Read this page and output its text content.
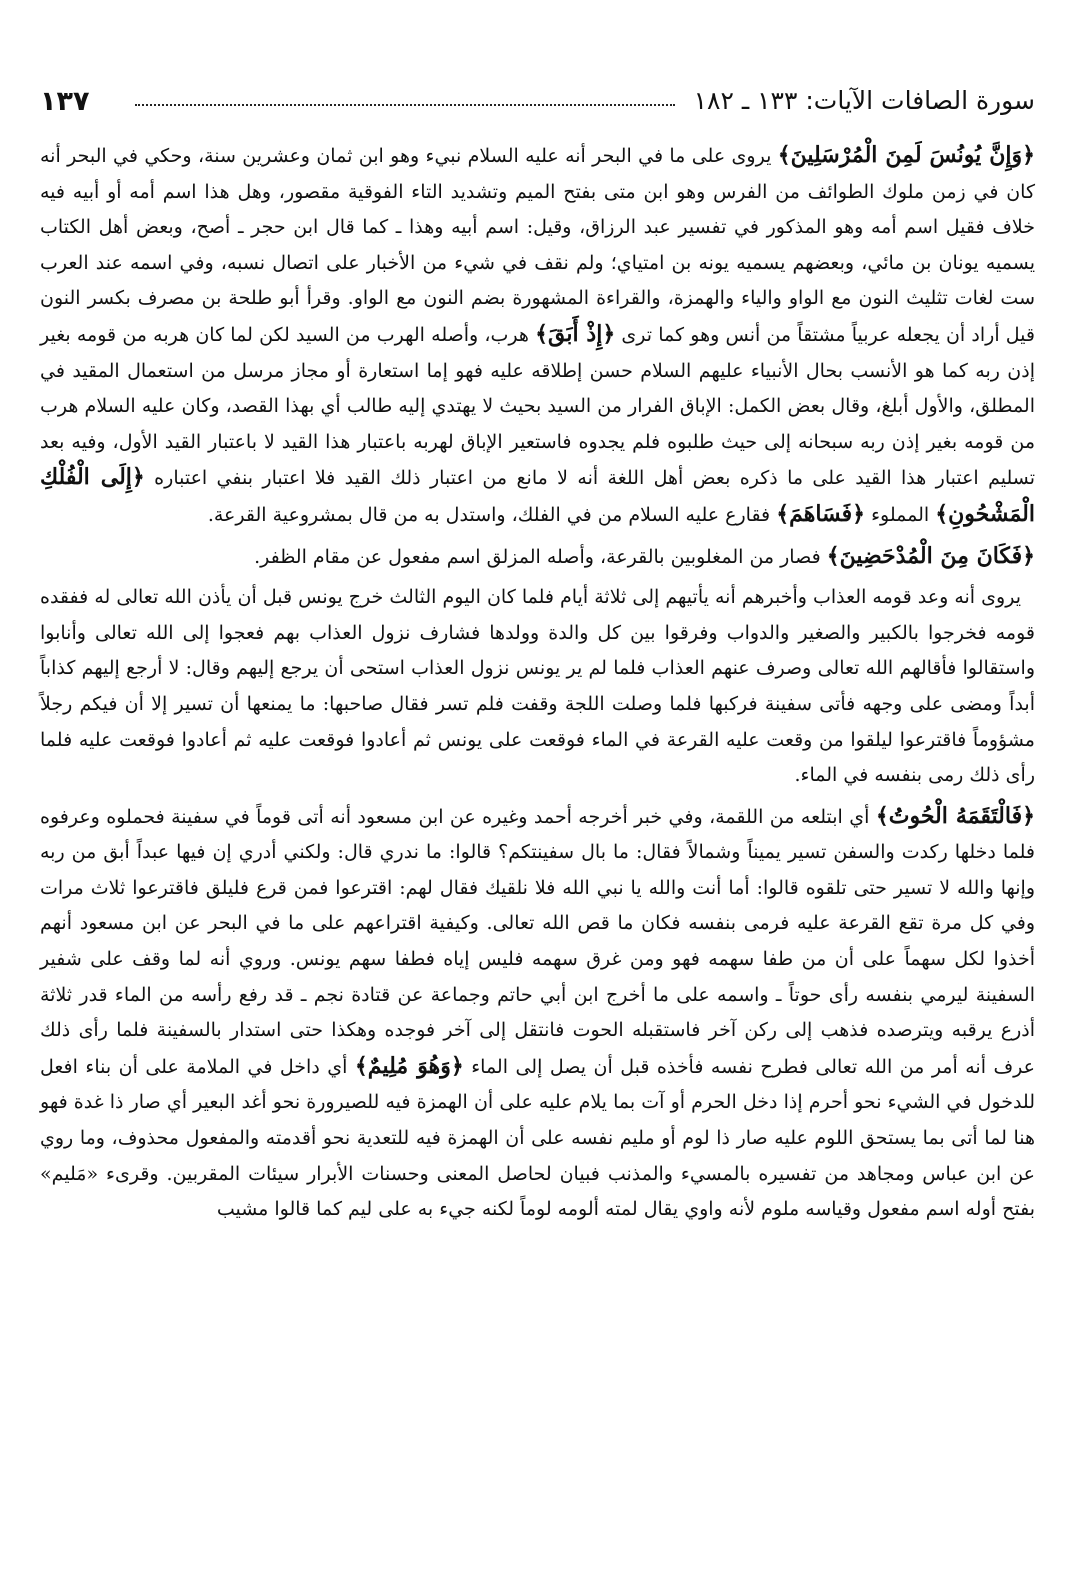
١٣٧	سورة الصافات الآيات: ١٣٣ ـ ١٨٢

﴿وَإِنَّ يُونُسَ لَمِنَ الْمُرْسَلِينَ﴾ يروى على ما في البحر أنه عليه السلام نبيء وهو ابن ثمان وعشرين سنة، وحكي في البحر أنه كان في زمن ملوك الطوائف من الفرس وهو ابن متى بفتح الميم وتشديد التاء الفوقية مقصور، وهل هذا اسم أمه أو أبيه فيه خلاف فقيل اسم أمه وهو المذكور في تفسير عبد الرزاق، وقيل: اسم أبيه وهذا ـ كما قال ابن حجر ـ أصح، وبعض أهل الكتاب يسميه يونان بن مائي، وبعضهم يسميه يونه بن امتياي؛ ولم نقف في شيء من الأخبار على اتصال نسبه، وفي اسمه عند العرب ست لغات تثليث النون مع الواو والياء والهمزة، والقراءة المشهورة بضم النون مع الواو. وقرأ أبو طلحة بن مصرف بكسر النون قيل أراد أن يجعله عربياً مشتقاً من أنس وهو كما ترى ﴿إِذْ أَبَقَ﴾ هرب، وأصله الهرب من السيد لكن لما كان هربه من قومه بغير إذن ربه كما هو الأنسب بحال الأنبياء عليهم السلام حسن إطلاقه عليه فهو إما استعارة أو مجاز مرسل من استعمال المقيد في المطلق، والأول أبلغ، وقال بعض الكمل: الإباق الفرار من السيد بحيث لا يهتدي إليه طالب أي بهذا القصد، وكان عليه السلام هرب من قومه بغير إذن ربه سبحانه إلى حيث طلبوه فلم يجدوه فاستعير الإباق لهربه باعتبار هذا القيد لا باعتبار القيد الأول، وفيه بعد تسليم اعتبار هذا القيد على ما ذكره بعض أهل اللغة أنه لا مانع من اعتبار ذلك القيد فلا اعتبار بنفي اعتباره ﴿إِلَى الْفُلْكِ الْمَشْحُونِ﴾ المملوء ﴿فَسَاهَمَ﴾ فقارع عليه السلام من في الفلك، واستدل به من قال بمشروعية القرعة.

﴿فَكَانَ مِنَ الْمُدْحَضِينَ﴾ فصار من المغلوبين بالقرعة، وأصله المزلق اسم مفعول عن مقام الظفر.

يروى أنه وعد قومه العذاب وأخبرهم أنه يأتيهم إلى ثلاثة أيام فلما كان اليوم الثالث خرج يونس قبل أن يأذن الله تعالى له ففقده قومه فخرجوا بالكبير والصغير والدواب وفرقوا بين كل والدة وولدها فشارف نزول العذاب بهم فعجوا إلى الله تعالى وأنابوا واستقالوا فأقالهم الله تعالى وصرف عنهم العذاب فلما لم ير يونس نزول العذاب استحى أن يرجع إليهم وقال: لا أرجع إليهم كذاباً أبداً ومضى على وجهه فأتى سفينة فركبها فلما وصلت اللجة وقفت فلم تسر فقال صاحبها: ما يمنعها أن تسير إلا أن فيكم رجلاً مشؤوماً فاقترعوا ليلقوا من وقعت عليه القرعة في الماء فوقعت على يونس ثم أعادوا فوقعت عليه ثم أعادوا فوقعت عليه فلما رأى ذلك رمى بنفسه في الماء.

﴿فَالْتَقَمَهُ الْحُوتُ﴾ أي ابتلعه من اللقمة، وفي خبر أخرجه أحمد وغيره عن ابن مسعود أنه أتى قوماً في سفينة فحملوه وعرفوه فلما دخلها ركدت والسفن تسير يميناً وشمالاً فقال: ما بال سفينتكم؟ قالوا: ما ندري قال: ولكني أدري إن فيها عبداً أبق من ربه وإنها والله لا تسير حتى تلقوه قالوا: أما أنت والله يا نبي الله فلا نلقيك فقال لهم: اقترعوا فمن قرع فليلق فاقترعوا ثلاث مرات وفي كل مرة تقع القرعة عليه فرمى بنفسه فكان ما قص الله تعالى. وكيفية اقتراعهم على ما في البحر عن ابن مسعود أنهم أخذوا لكل سهماً على أن من طفا سهمه فهو ومن غرق سهمه فليس إياه فطفا سهم يونس. وروي أنه لما وقف على شفير السفينة ليرمي بنفسه رأى حوتاً ـ واسمه على ما أخرج ابن أبي حاتم وجماعة عن قتادة نجم ـ قد رفع رأسه من الماء قدر ثلاثة أذرع يرقبه ويترصده فذهب إلى ركن آخر فاستقبله الحوت فانتقل إلى آخر فوجده وهكذا حتى استدار بالسفينة فلما رأى ذلك عرف أنه أمر من الله تعالى فطرح نفسه فأخذه قبل أن يصل إلى الماء ﴿وَهُوَ مُلِيمٌ﴾ أي داخل في الملامة على أن بناء افعل للدخول في الشيء نحو أحرم إذا دخل الحرم أو آت بما يلام عليه على أن الهمزة فيه للصيرورة نحو أغد البعير أي صار ذا غدة فهو هنا لما أتى بما يستحق اللوم عليه صار ذا لوم أو مليم نفسه على أن الهمزة فيه للتعدية نحو أقدمته والمفعول محذوف، وما روي عن ابن عباس ومجاهد من تفسيره بالمسيء والمذنب فبيان لحاصل المعنى وحسنات الأبرار سيئات المقربين. وقرىء «مَليم» بفتح أوله اسم مفعول وقياسه ملوم لأنه واوي يقال لمته ألومه لوماً لكنه جيء به على ليم كما قالوا مشيب
